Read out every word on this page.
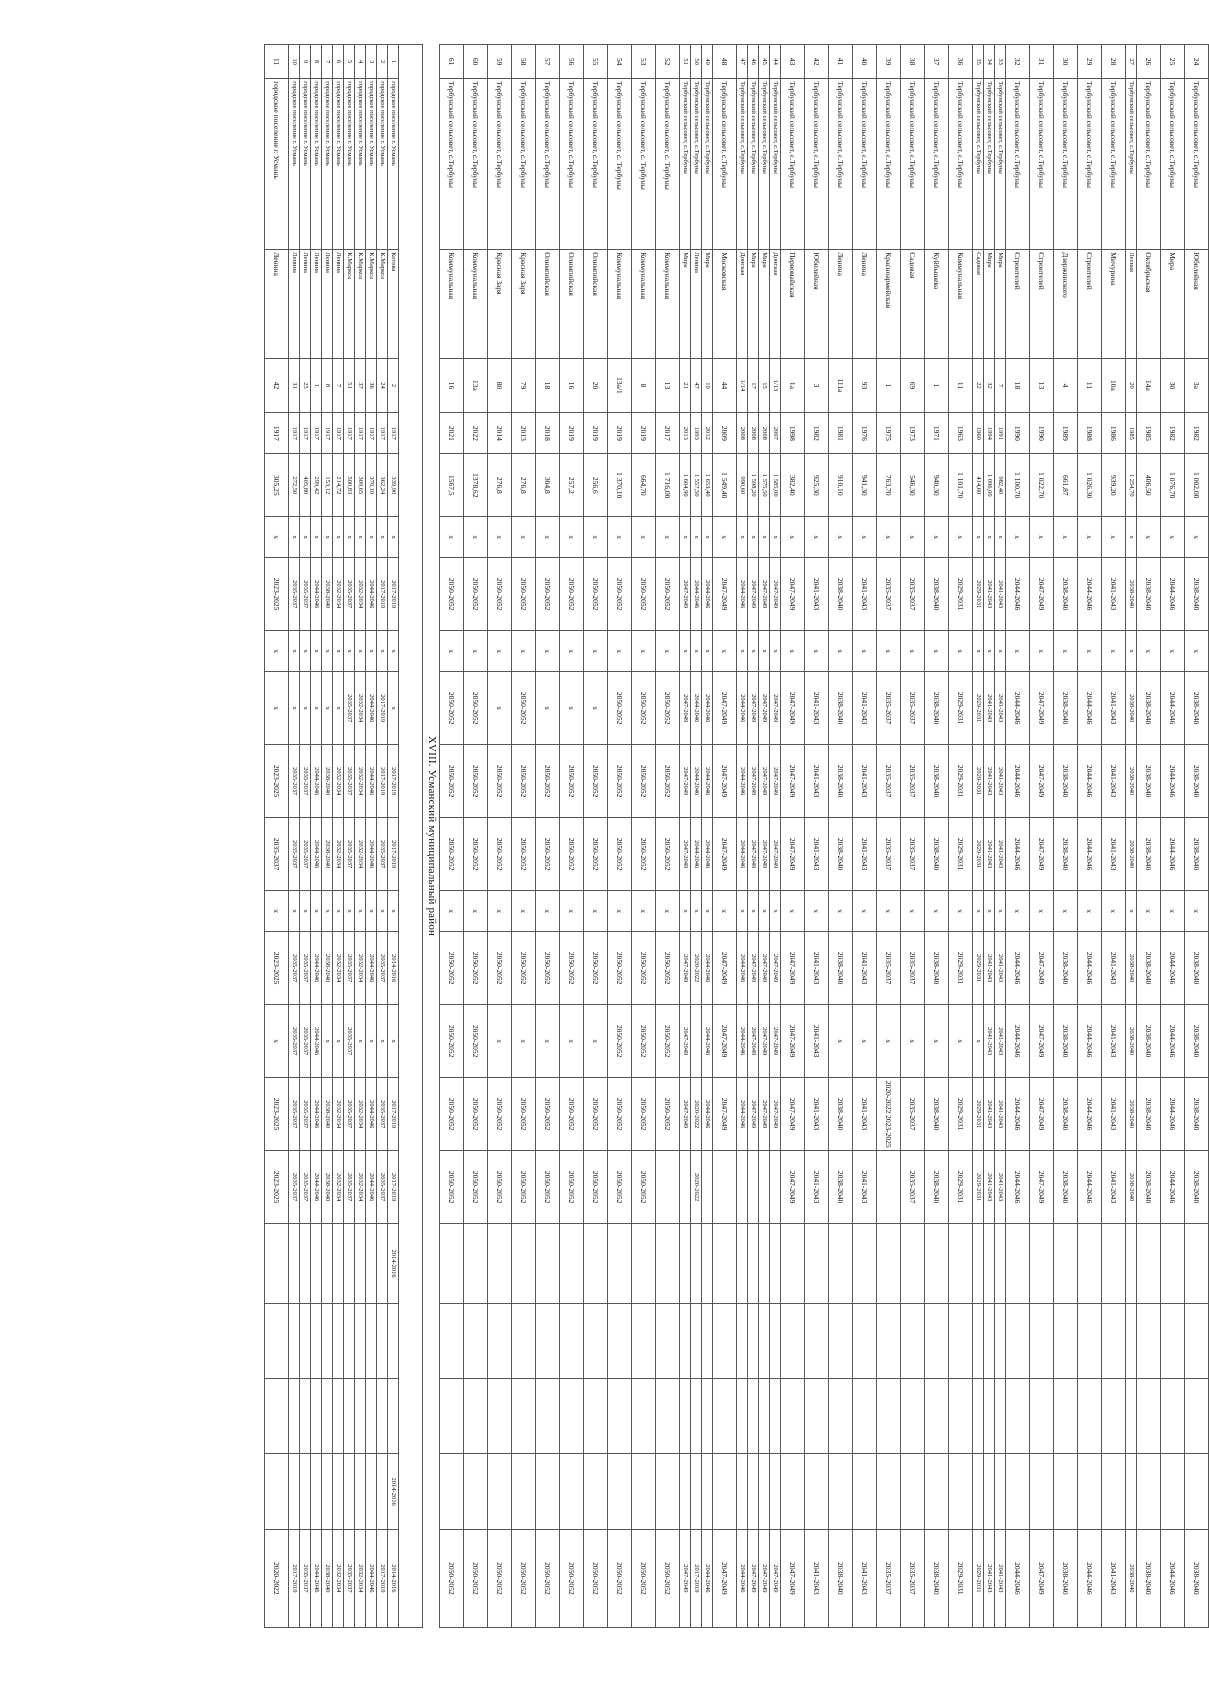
24	Тербунский сельсовет, с.Тербуны	Юбилейная	3а	1982	1 002,00	x	2038-2040	x	2038-2040	2038-2040	2038-2040	x	2038-2040	2038-2040	2038-2040	2038-2040					2038-2040
25	Тербунский сельсовет, с.Тербуны	Мира	30	1982	1 076,70	x	2044-2046	x	2044-2046	2044-2046	2044-2046	x	2044-2046	2044-2046	2044-2046	2044-2046					2044-2046
26	Тербунский сельсовет, с.Тербуны	Октябрьская	14а	1985	406,50	x	2038-2040	x	2038-2040	2038-2040	2038-2040	x	2038-2040	2038-2040	2038-2040	2038-2040					2038-2040
27	Тербунский сельсовет, с.Тербуны	Лесная	20	1985	1 254,70	x	2038-2040	x	2038-2040	2038-2040	2038-2040	x	2038-2040	2038-2040	2038-2040	2038-2040					2038-2040
28	Тербунский сельсовет, с.Тербуны	Мичурина	10а	1986	939,20	x	2041-2043	x	2041-2043	2041-2043	2041-2043	x	2041-2043	2041-2043	2041-2043	2041-2043					2041-2043
29	Тербунский сельсовет, с.Тербуны	Строителей	11	1988	1 026,30	x	2044-2046	x	2044-2046	2044-2046	2044-2046	x	2044-2046	2044-2046	2044-2046	2044-2046					2044-2046
30	Тербунский сельсовет, с.Тербуны	Дзержинского	4	1989	661,87	x	2038-2040	x	2038-2040	2038-2040	2038-2040	x	2038-2040	2038-2040	2038-2040	2038-2040					2038-2040
31	Тербунский сельсовет, с.Тербуны	Строителей	13	1990	1 022,70	x	2047-2049	x	2047-2049	2047-2049	2047-2049	x	2047-2049	2047-2049	2047-2049	2047-2049					2047-2049
32	Тербунский сельсовет, с.Тербуны	Строителей	18	1990	1 100,70	x	2044-2046	x	2044-2046	2044-2046	2044-2046	x	2044-2046	2044-2046	2044-2046	2044-2046					2044-2046
33	Тербунский сельсовет, с.Тербуны	Мира	7	1991	982,40	x	2041-2043	x	2041-2043	2041-2043	2041-2043	x	2041-2043	2041-2043	2041-2043	2041-2043					2041-2043
34	Тербунский сельсовет, с.Тербуны	Мира	32	1994	1 096,00	x	2041-2043	x	2041-2043	2041-2043	2041-2043	x	2041-2043	2041-2043	2041-2043	2041-2043					2041-2043
35	Тербунский сельсовет, с.Тербуны	Садовая	22	1960	414,60	x	2029-2031	x	2029-2031	2029-2031	2029-2031	x	2029-2031	x	2029-2031	2029-2031					2029-2031
36	Тербунский сельсовет, с.Тербуны	Коммунальная	11	1963	1 101,70	x	2029-2031	x	2029-2031	2029-2031	2029-2031	x	2029-2031	x	2029-2031	2029-2031					2029-2031
37	Тербунский сельсовет, с.Тербуны	Куйбышева	1	1971	940,30	x	2038-2040	x	2038-2040	2038-2040	2038-2040	x	2038-2040	x	2038-2040	2038-2040					2038-2040
38	Тербунский сельсовет, с.Тербуны	Садовая	69	1973	546,30	x	2035-2037	x	2035-2037	2035-2037	2035-2037	x	2035-2037	x	2035-2037	2035-2037					2035-2037
39	Тербунский сельсовет, с.Тербуны	Красноармейская	1	1975	763,70	x	2035-2037	x	2035-2037	2035-2037	2035-2037	x	2035-2037	x	2020-2022 2023-2025						2035-2037
40	Тербунский сельсовет, с.Тербуны	Ленина	93	1976	941,30	x	2041-2043	x	2041-2043	2041-2043	2041-2043	x	2041-2043	x	2041-2043	2041-2043					2041-2043
41	Тербунский сельсовет, с.Тербуны	Ленина	111а	1981	910,10	x	2038-2040	x	2038-2040	2038-2040	2038-2040	x	2038-2040	x	2038-2040	2038-2040					2038-2040
42	Тербунский сельсовет, с.Тербуны	Юбилейная	3	1982	925,30	x	2041-2043	x	2041-2043	2041-2043	2041-2043	x	2041-2043	2041-2043	2041-2043	2041-2043					2041-2043
43	Тербунский сельсовет, с.Тербуны	Первомайская	1а	1998	382,40	x	2047-2049	x	2047-2049	2047-2049	2047-2049	x	2047-2049	2047-2049	2047-2049	2047-2049					2047-2049
44	Тербунский сельсовет, с.Тербуны	Донская	1/13	2007	1 585,00	x	2047-2049	x	2047-2049	2047-2049	2047-2049	x	2047-2049	2047-2049	2047-2049						2047-2049
45	Тербунский сельсовет, с.Тербуны	Мира	15	2008	1 575,50	x	2047-2049	x	2047-2049	2047-2049	2047-2049	x	2047-2049	2047-2049	2047-2049						2047-2049
46	Тербунский сельсовет, с.Тербуны	Мира	17	2008	1 598,20	x	2047-2049	x	2047-2049	2047-2049	2047-2049	x	2047-2049	2047-2049	2047-2049						2047-2049
47	Тербунский сельсовет, с.Тербуны	Донская	1/14	2008	990,60	x	2044-2046	x	2044-2046	2044-2046	2044-2046	x	2044-2046	2044-2046	2044-2046						2044-2046
48	Тербунский сельсовет, с.Тербуны	Московская	44	2009	1 549,40	x	2047-2049	x	2047-2049	2047-2049	2047-2049	x	2047-2049	2047-2049	2047-2049						2047-2049
49	Тербунский сельсовет, с.Тербуны	Мира	19	2012	1 653,40	x	2044-2046	x	2044-2046	2044-2046	2044-2046	x	2044-2046	2044-2046	2044-2046						2044-2046
50	Тербунский сельсовет, с.Тербуны	Ленина	47	1993	1 557,50	x	2044-2046	x	2044-2046	2044-2046	2044-2046	x	2020-2022		2020-2022	2020-2022					2017-2019
51	Тербунский сельсовет, с.Тербуны	Мира	21	2013	1 604,90	x	2047-2049	x	2047-2049	2047-2049	2047-2049	x	2047-2049	2047-2049	2047-2049						2047-2049
52	Тербунский сельсовет, с. Тербуны	Коммунальная	13	2017	1 716,00	x	2050-2052	x	2050-2052	2050-2052	2050-2052	x	2050-2052	2050-2052	2050-2052						2050-2052
53	Тербунский сельсовет, с. Тербуны	Коммунальная	8	2019	664,70	x	2050-2052	x	2050-2052	2050-2052	2050-2052	x	2050-2052	2050-2052	2050-2052	2050-2052					2050-2052
54	Тербунский сельсовет, с. Тербуны	Коммунальная	13а/1	2019	1 370,10	x	2050-2052	x	2050-2052	2050-2052	2050-2052	x	2050-2052	2050-2052	2050-2052	2050-2052					2050-2052
55	Тербунский сельсовет, с.Тербуны	Олимпийская	20	2019	256,6	x	2050-2052	x	x	2050-2052	2050-2052	x	2050-2052	x	2050-2052	2050-2052					2050-2052
56	Тербунский сельсовет, с.Тербуны	Олимпийская	16	2019	257,2	x	2050-2052	x	x	2050-2052	2050-2052	x	2050-2052	x	2050-2052	2050-2052					2050-2052
57	Тербунский сельсовет, с.Тербуны	Олимпийская	18	2018	304,8	x	2050-2052	x	x	2050-2052	2050-2052	x	2050-2052	x	2050-2052	2050-2052					2050-2052
58	Тербунский сельсовет, с.Тербуны	Красная Заря	79	2013	276,8	x	2050-2052	x	2050-2052	2050-2052	2050-2052	x	2050-2052	x	2050-2052	2050-2052					2050-2052
59	Тербунский сельсовет, с.Тербуны	Красная Заря	80	2014	276,8	x	2050-2052	x	x	2050-2052	2050-2052	x	2050-2052	x	2050-2052	2050-2052					2050-2052
60	Тербунский сельсовет, с.Тербуны	Коммунальная	13а	2022	1378,62	x	2050-2052	x	2050-2052	2050-2052	2050-2052	x	2050-2052	2050-2052	2050-2052	2050-2052					2050-2052
61	Тербунский сельсовет, с.Тербуны	Коммунальная	16	2021	1567,5	x	2050-2052	x	2050-2052	2050-2052	2050-2052	x	2050-2052	2050-2052	2050-2052	2050-2052					2050-2052
XVIII. Усманский муниципальный район																					

1	городское поселение г. Усмань	Котова	2	1917	339,90	x	2017-2019	x	x	2017-2019	2017-2019	x	2014-2016	x	2017-2019	2017-2019	2014-2016			2014-2016	2014-2016
2	городское поселение г. Усмань	К.Маркса	24	1917	362,24	x	2017-2019	x	2017-2019	2017-2019	2035-2037	x	2035-2037	x	2035-2037	2035-2037					2017-2019
3	городское поселение г. Усмань	К.Маркса	36	1917	370,10	x	2044-2046	x	2044-2046	2044-2046	2044-2046	x	2044-2046	x	2044-2046	2044-2046					2044-2046
4	городское поселение г. Усмань	К.Маркса	37	1917	309,65	x	2032-2034	x	2032-2034	2032-2034	2032-2034	x	2032-2034	x	2032-2034	2032-2034					2032-2034
5	городское поселение г. Усмань	К.Маркса	51	1917	500,83	x	2035-2037	x	2035-2037	2035-2037	2035-2037	x	2035-2037	2035-2037	2035-2037	2035-2037					2035-2037
6	городское поселение г. Усмань	Ленина	7	1917	214,72	x	2032-2034	x	x	2032-2034	2032-2034	x	2032-2034	x	2032-2034	2032-2034					2032-2034
7	городское поселение г. Усмань	Ленина	8	1917	153,12	x	2038-2040	x	x	2038-2040	2038-2040	x	2038-2040	x	2038-2040	2038-2040					2038-2040
8	городское поселение г. Усмань	Ленина	1	1917	299,42	x	2044-2046	x	x	2044-2046	2044-2046	x	2044-2046	2044-2046	2044-2046	2044-2046					2044-2046
9	городское поселение г. Усмань	Ленина	25	1917	405,80	x	2035-2037	x	x	2035-2037	2035-2037	x	2035-2037	2035-2037	2035-2037	2035-2037					2035-2037
10	городское поселение г. Усмань	Ленина	31	1917	272,50	x	2035-2037	x	x	2035-2037	2035-2037	x	2035-2037	2035-2037	2035-2037	2035-2037					2017-2019
11	городское поселение г. Усмань	Ленина	42	1917	305,25	x	2023-2025	x	x	2023-2025	2035-2037	x	2023-2025	x	2023-2025	2023-2025					2020-2022
